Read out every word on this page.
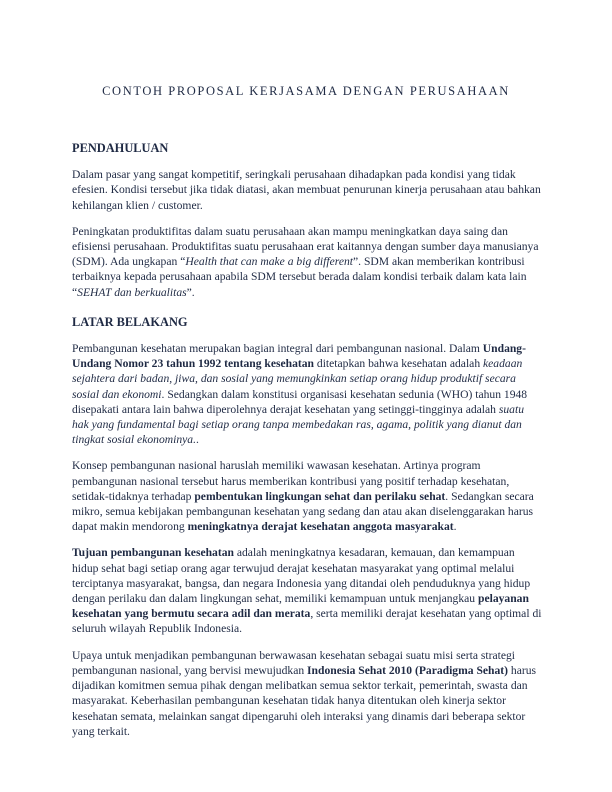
CONTOH PROPOSAL KERJASAMA DENGAN PERUSAHAAN
PENDAHULUAN

Dalam pasar yang sangat kompetitif, seringkali perusahaan dihadapkan pada kondisi yang tidak efesien. Kondisi tersebut jika tidak diatasi, akan membuat penurunan kinerja perusahaan atau bahkan kehilangan klien / customer.

Peningkatan produktifitas dalam suatu perusahaan akan mampu meningkatkan daya saing dan efisiensi perusahaan. Produktifitas suatu perusahaan erat kaitannya dengan sumber daya manusianya (SDM). Ada ungkapan “Health that can make a big different”. SDM akan memberikan kontribusi terbaiknya kepada perusahaan apabila SDM tersebut berada dalam kondisi terbaik dalam kata lain “SEHAT dan berkualitas”.

LATAR BELAKANG

Pembangunan kesehatan merupakan bagian integral dari pembangunan nasional. Dalam Undang-Undang Nomor 23 tahun 1992 tentang kesehatan ditetapkan bahwa kesehatan adalah keadaan sejahtera dari badan, jiwa, dan sosial yang memungkinkan setiap orang hidup produktif secara sosial dan ekonomi. Sedangkan dalam konstitusi organisasi kesehatan sedunia (WHO) tahun 1948 disepakati antara lain bahwa diperolehnya derajat kesehatan yang setinggi-tingginya adalah suatu hak yang fundamental bagi setiap orang tanpa membedakan ras, agama, politik yang dianut dan tingkat sosial ekonominya..

Konsep pembangunan nasional haruslah memiliki wawasan kesehatan. Artinya program pembangunan nasional tersebut harus memberikan kontribusi yang positif terhadap kesehatan, setidak-tidaknya terhadap pembentukan lingkungan sehat dan perilaku sehat. Sedangkan secara mikro, semua kebijakan pembangunan kesehatan yang sedang dan atau akan diselenggarakan harus dapat makin mendorong meningkatnya derajat kesehatan anggota masyarakat.

Tujuan pembangunan kesehatan adalah meningkatnya kesadaran, kemauan, dan kemampuan hidup sehat bagi setiap orang agar terwujud derajat kesehatan masyarakat yang optimal melalui terciptanya masyarakat, bangsa, dan negara Indonesia yang ditandai oleh penduduknya yang hidup dengan perilaku dan dalam lingkungan sehat, memiliki kemampuan untuk menjangkau pelayanan kesehatan yang bermutu secara adil dan merata, serta memiliki derajat kesehatan yang optimal di seluruh wilayah Republik Indonesia.

Upaya untuk menjadikan pembangunan berwawasan kesehatan sebagai suatu misi serta strategi pembangunan nasional, yang bervisi mewujudkan Indonesia Sehat 2010 (Paradigma Sehat) harus dijadikan komitmen semua pihak dengan melibatkan semua sektor terkait, pemerintah, swasta dan masyarakat. Keberhasilan pembangunan kesehatan tidak hanya ditentukan oleh kinerja sektor kesehatan semata, melainkan sangat dipengaruhi oleh interaksi yang dinamis dari beberapa sektor yang terkait.
